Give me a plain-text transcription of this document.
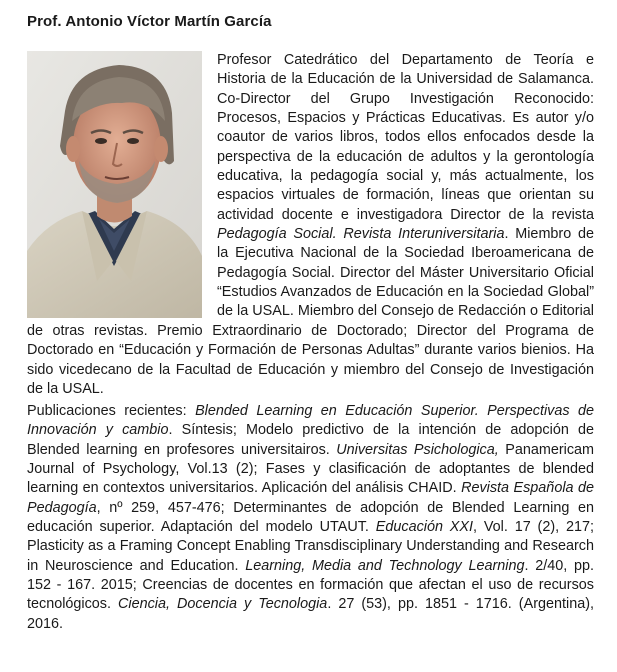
Prof. Antonio Víctor Martín García

Profesor Catedrático del Departamento de Teoría e Historia de la Educación de la Universidad de Salamanca. Co-Director del Grupo Investigación Reconocido: Procesos, Espacios y Prácticas Educativas. Es autor y/o coautor de varios libros, todos ellos enfocados desde la perspectiva de la educación de adultos y la gerontología educativa, la pedagogía social y, más actualmente, los espacios virtuales de formación, líneas que orientan su actividad docente e investigadora Director de la revista Pedagogía Social. Revista Interuniversitaria. Miembro de la Ejecutiva Nacional de la Sociedad Iberoamericana de Pedagogía Social. Director del Máster Universitario Oficial “Estudios Avanzados de Educación en la Sociedad Global” de la USAL. Miembro del Consejo de Redacción o Editorial de otras revistas. Premio Extraordinario de Doctorado; Director del Programa de Doctorado en “Educación y Formación de Personas Adultas” durante varios bienios. Ha sido vicedecano de la Facultad de Educación y miembro del Consejo de Investigación de la USAL.

Publicaciones recientes: Blended Learning en Educación Superior. Perspectivas de Innovación y cambio. Síntesis; Modelo predictivo de la intención de adopción de Blended learning en profesores universitairos. Universitas Psichologica, Panamericam Journal of Psychology, Vol.13 (2); Fases y clasificación de adoptantes de blended learning en contextos universitarios. Aplicación del análisis CHAID. Revista Española de Pedagogía, nº 259, 457-476; Determinantes de adopción de Blended Learning en educación superior. Adaptación del modelo UTAUT. Educación XXI, Vol. 17 (2), 217; Plasticity as a Framing Concept Enabling Transdisciplinary Understanding and Research in Neuroscience and Education. Learning, Media and Technology Learning. 2/40, pp. 152 - 167. 2015; Creencias de docentes en formación que afectan el uso de recursos tecnológicos. Ciencia, Docencia y Tecnologia. 27 (53), pp. 1851 - 1716. (Argentina), 2016.
